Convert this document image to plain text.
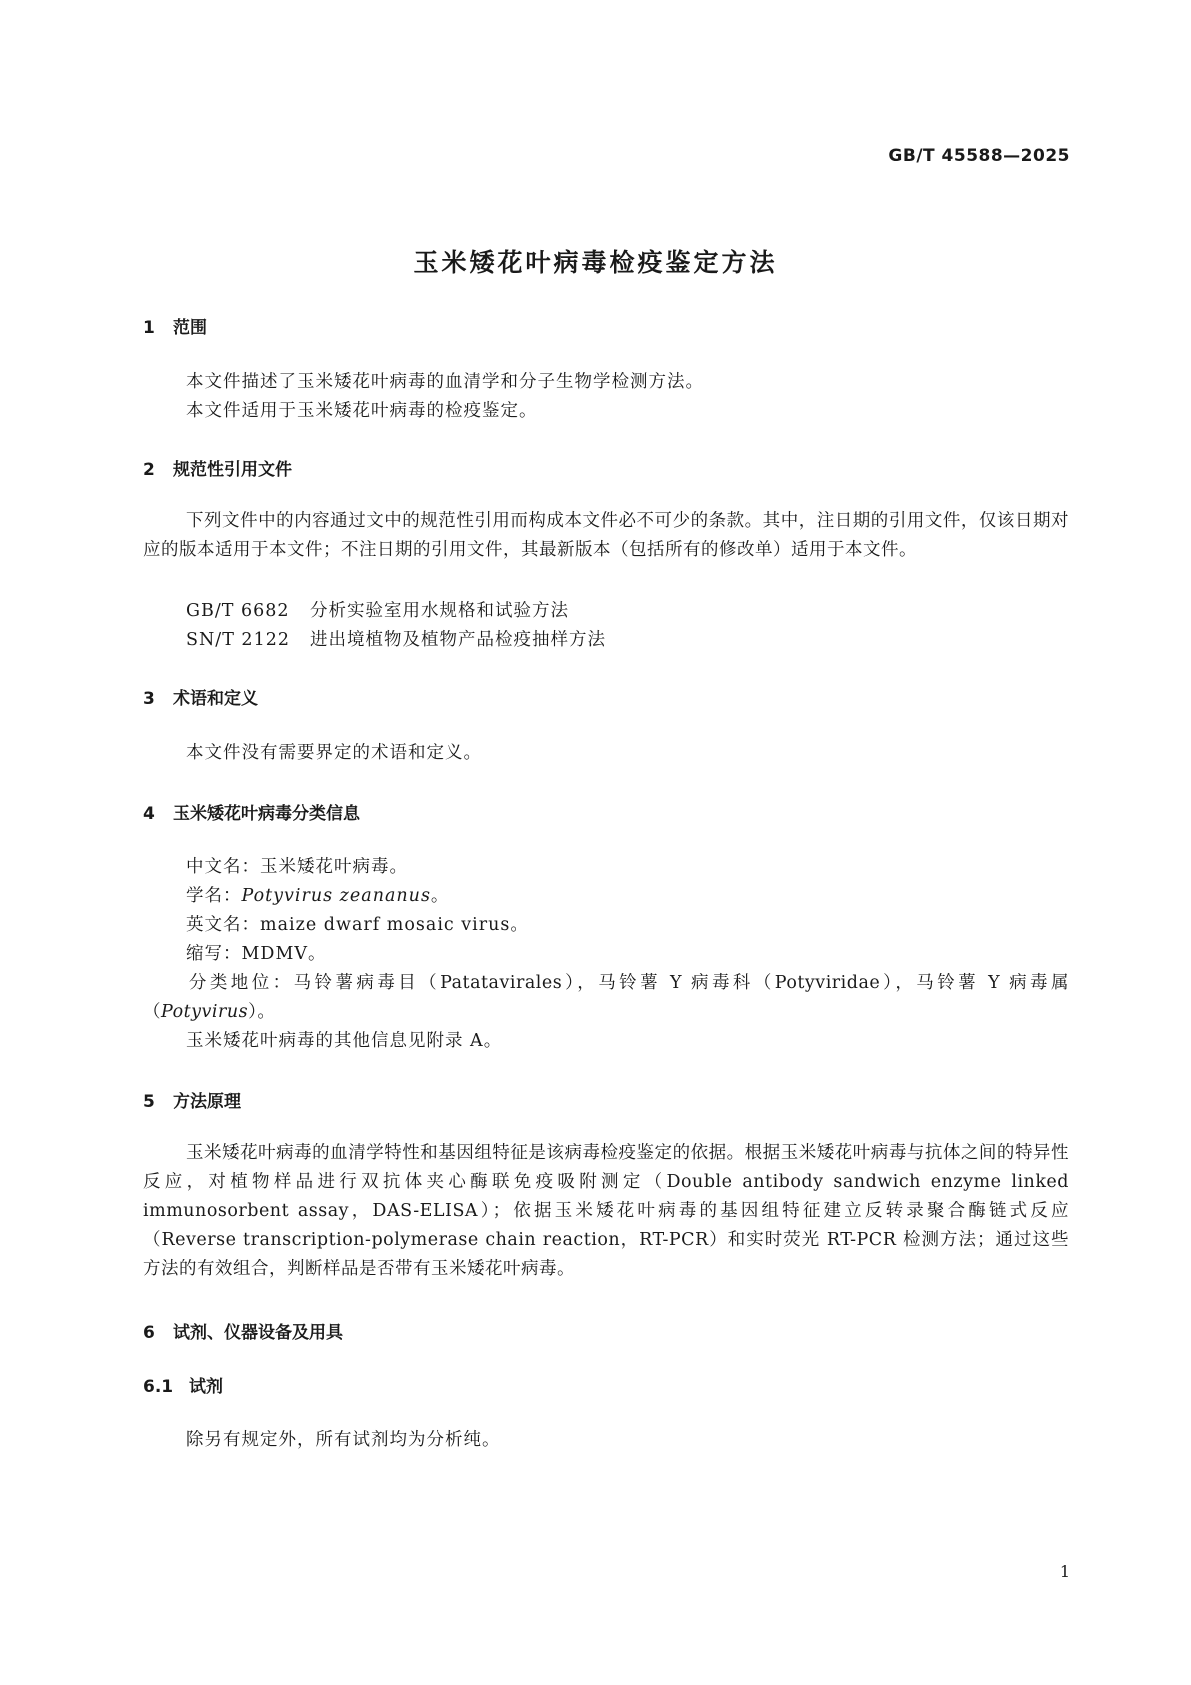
GB/T 45588—2025
玉米矮花叶病毒检疫鉴定方法
1 范围

本文件描述了玉米矮花叶病毒的血清学和分子生物学检测方法。

本文件适用于玉米矮花叶病毒的检疫鉴定。

2 规范性引用文件

下列文件中的内容通过文中的规范性引用而构成本文件必不可少的条款。其中，注日期的引用文件，仅该日期对应的版本适用于本文件；不注日期的引用文件，其最新版本（包括所有的修改单）适用于本文件。

GB/T 6682 分析实验室用水规格和试验方法

SN/T 2122 进出境植物及植物产品检疫抽样方法

3 术语和定义

本文件没有需要界定的术语和定义。

4 玉米矮花叶病毒分类信息

中文名：玉米矮花叶病毒。

学名：Potyvirus zeananus。

英文名：maize dwarf mosaic virus。

缩写：MDMV。

分类地位：马铃薯病毒目（Patatavirales），马铃薯 Y 病毒科（Potyviridae），马铃薯 Y 病毒属（Potyvirus）。

玉米矮花叶病毒的其他信息见附录 A。

5 方法原理

玉米矮花叶病毒的血清学特性和基因组特征是该病毒检疫鉴定的依据。根据玉米矮花叶病毒与抗体之间的特异性反应，对植物样品进行双抗体夹心酶联免疫吸附测定（Double antibody sandwich enzyme linked immunosorbent assay，DAS-ELISA）；依据玉米矮花叶病毒的基因组特征建立反转录聚合酶链式反应（Reverse transcription-polymerase chain reaction，RT-PCR）和实时荧光 RT-PCR 检测方法；通过这些方法的有效组合，判断样品是否带有玉米矮花叶病毒。

6 试剂、仪器设备及用具
6.1 试剂

除另有规定外，所有试剂均为分析纯。

1
